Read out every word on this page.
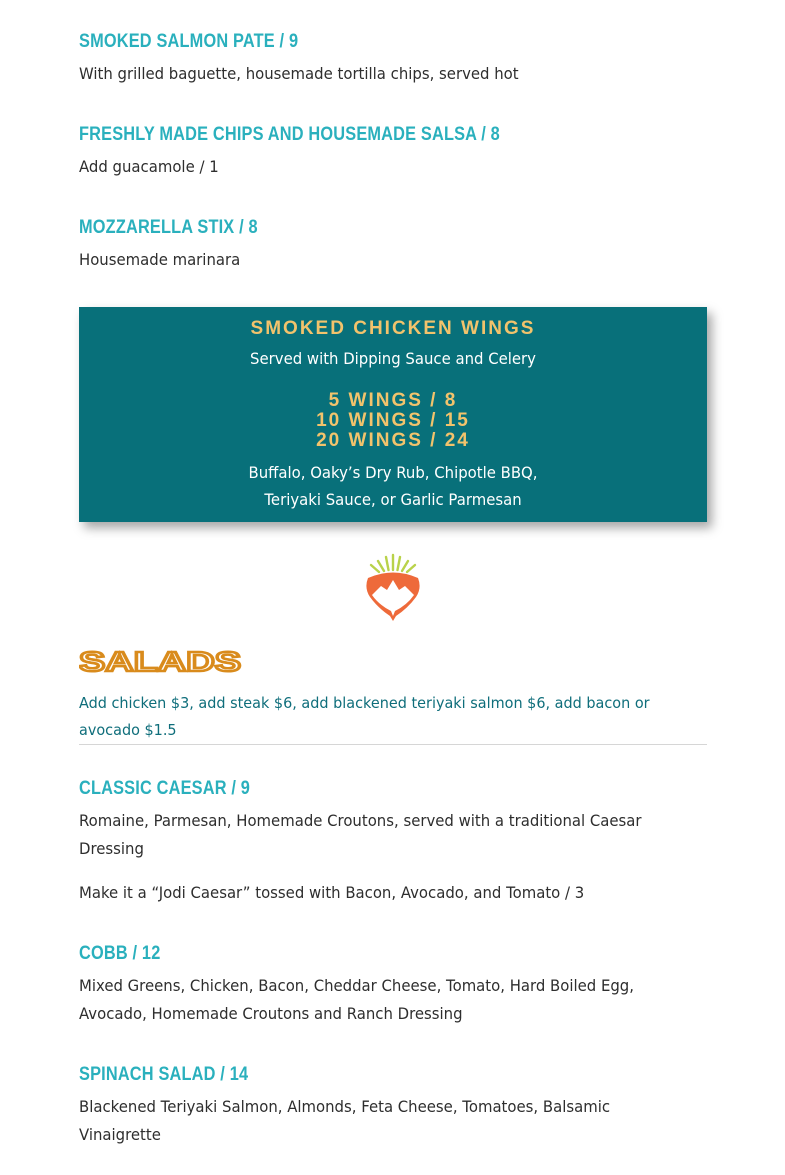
SMOKED SALMON PATE / 9
With grilled baguette, housemade tortilla chips, served hot
FRESHLY MADE CHIPS AND HOUSEMADE SALSA / 8
Add guacamole / 1
MOZZARELLA STIX / 8
Housemade marinara
SMOKED CHICKEN WINGS
Served with Dipping Sauce and Celery
5 WINGS / 8
10 WINGS / 15
20 WINGS / 24
Buffalo, Oaky’s Dry Rub, Chipotle BBQ,
Teriyaki Sauce, or Garlic Parmesan
SALADS
Add chicken $3, add steak $6, add blackened teriyaki salmon $6, add bacon or avocado $1.5
CLASSIC CAESAR / 9
Romaine, Parmesan, Homemade Croutons, served with a traditional Caesar Dressing
Make it a “Jodi Caesar” tossed with Bacon, Avocado, and Tomato / 3
COBB / 12
Mixed Greens, Chicken, Bacon, Cheddar Cheese, Tomato, Hard Boiled Egg, Avocado, Homemade Croutons and Ranch Dressing
SPINACH SALAD / 14
Blackened Teriyaki Salmon, Almonds, Feta Cheese, Tomatoes, Balsamic Vinaigrette
